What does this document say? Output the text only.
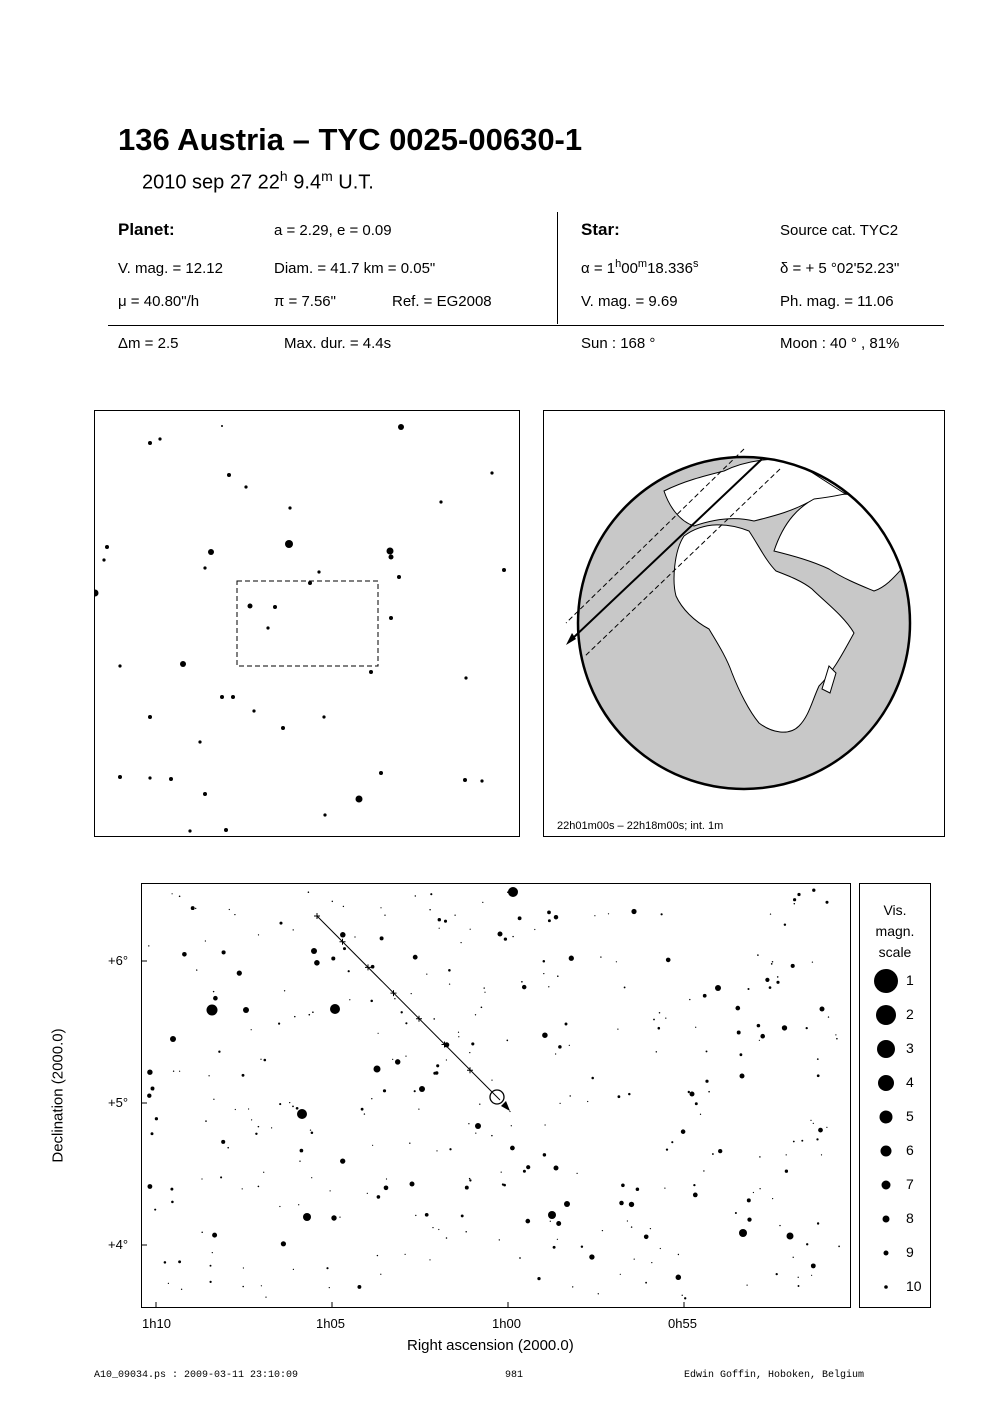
136 Austria – TYC 0025-00630-1
2010 sep 27 22$^h$ 9.4$^m$ U.T.
Planet:	a = 2.29, e = 0.09
V. mag. = 12.12	Diam. = 41.7 km = 0.05"
μ = 40.80"/h	π = 7.56"	Ref. = EG2008
Star:	Source cat. TYC2
$\alpha = 1^h00^m18.336^s$	δ = + 5 °02'52.23"
V. mag. = 9.69	Ph. mag. = 11.06
Δm = 2.5	Max. dur. = 4.4s	Sun : 168 °	Moon : 40 ° , 81%
22h01m00s – 22h18m00s; int. 1m
+6°
+5°
+4°
1h10	1h05	1h00	0h55
Right ascension (2000.0)
Declination (2000.0)
Vis.
magn.
scale
1
2
3
4
5
6
7
8
9
10
A10_09034.ps : 2009-03-11 23:10:09	981	Edwin Goffin, Hoboken, Belgium
